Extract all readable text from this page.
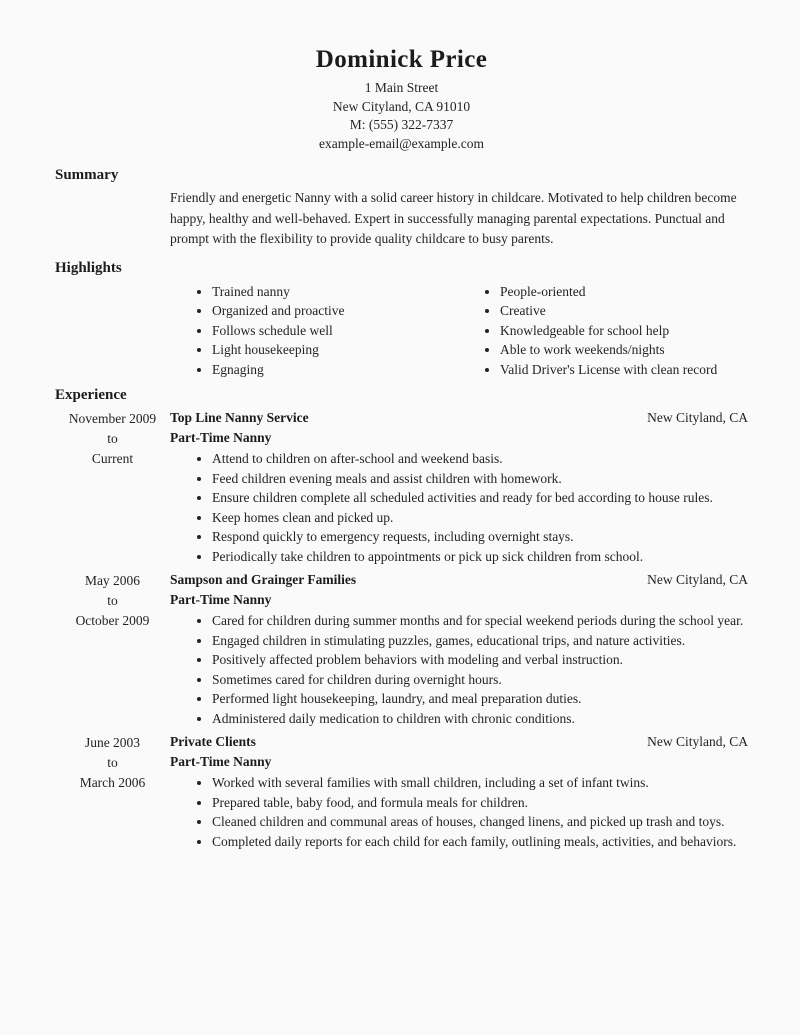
Dominick Price
1 Main Street
New Cityland, CA 91010
M: (555) 322-7337
example-email@example.com
Summary
Friendly and energetic Nanny with a solid career history in childcare. Motivated to help children become happy, healthy and well-behaved. Expert in successfully managing parental expectations. Punctual and prompt with the flexibility to provide quality childcare to busy parents.
Highlights
• Trained nanny
• Organized and proactive
• Follows schedule well
• Light housekeeping
• Egnaging
• People-oriented
• Creative
• Knowledgeable for school help
• Able to work weekends/nights
• Valid Driver's License with clean record
Experience
November 2009
to
Current
Top Line Nanny Service	New Cityland, CA
Part-Time Nanny
• Attend to children on after-school and weekend basis.
• Feed children evening meals and assist children with homework.
• Ensure children complete all scheduled activities and ready for bed according to house rules.
• Keep homes clean and picked up.
• Respond quickly to emergency requests, including overnight stays.
• Periodically take children to appointments or pick up sick children from school.
May 2006
to
October 2009
Sampson and Grainger Families	New Cityland, CA
Part-Time Nanny
• Cared for children during summer months and for special weekend periods during the school year.
• Engaged children in stimulating puzzles, games, educational trips, and nature activities.
• Positively affected problem behaviors with modeling and verbal instruction.
• Sometimes cared for children during overnight hours.
• Performed light housekeeping, laundry, and meal preparation duties.
• Administered daily medication to children with chronic conditions.
June 2003
to
March 2006
Private Clients	New Cityland, CA
Part-Time Nanny
• Worked with several families with small children, including a set of infant twins.
• Prepared table, baby food, and formula meals for children.
• Cleaned children and communal areas of houses, changed linens, and picked up trash and toys.
• Completed daily reports for each child for each family, outlining meals, activities, and behaviors.
